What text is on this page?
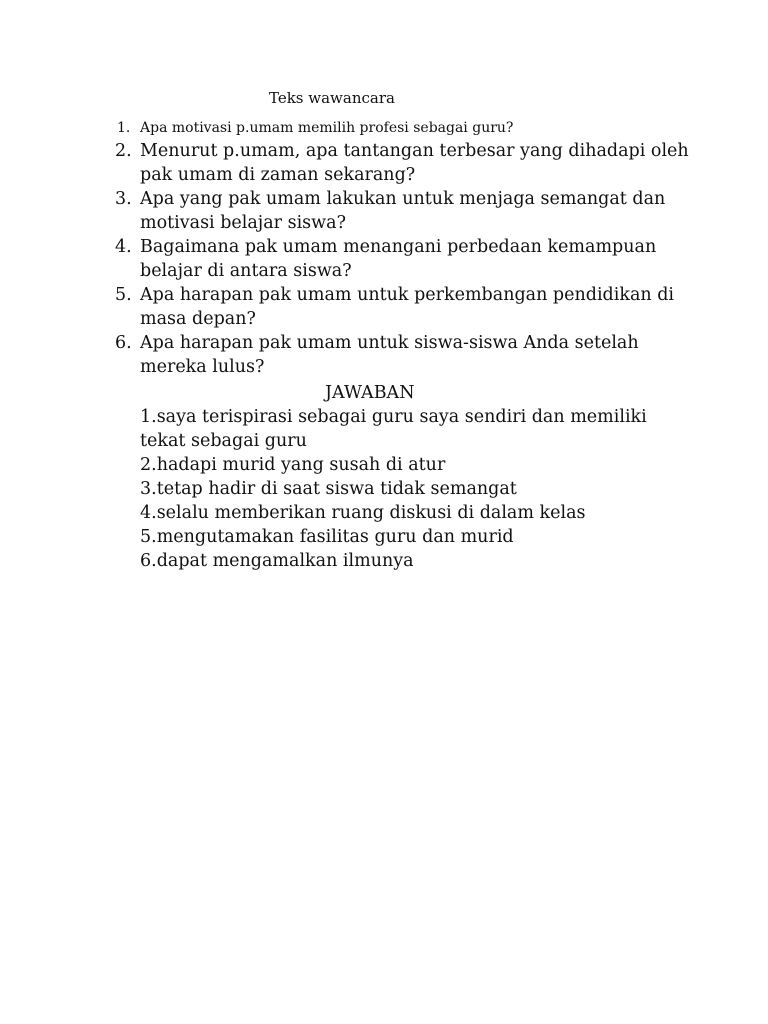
Teks wawancara
1. Apa motivasi p.umam memilih profesi sebagai guru?
2. Menurut p.umam, apa tantangan terbesar yang dihadapi oleh pak umam di zaman sekarang?
3. Apa yang pak umam lakukan untuk menjaga semangat dan motivasi belajar siswa?
4. Bagaimana pak umam menangani perbedaan kemampuan belajar di antara siswa?
5. Apa harapan pak umam untuk perkembangan pendidikan di masa depan?
6. Apa harapan pak umam untuk siswa-siswa Anda setelah mereka lulus?
JAWABAN
1.saya terispirasi sebagai guru saya sendiri dan memiliki tekat sebagai guru
2.hadapi murid yang susah di atur
3.tetap hadir di saat siswa tidak semangat
4.selalu memberikan ruang diskusi di dalam kelas
5.mengutamakan fasilitas guru dan murid
6.dapat mengamalkan ilmunya
